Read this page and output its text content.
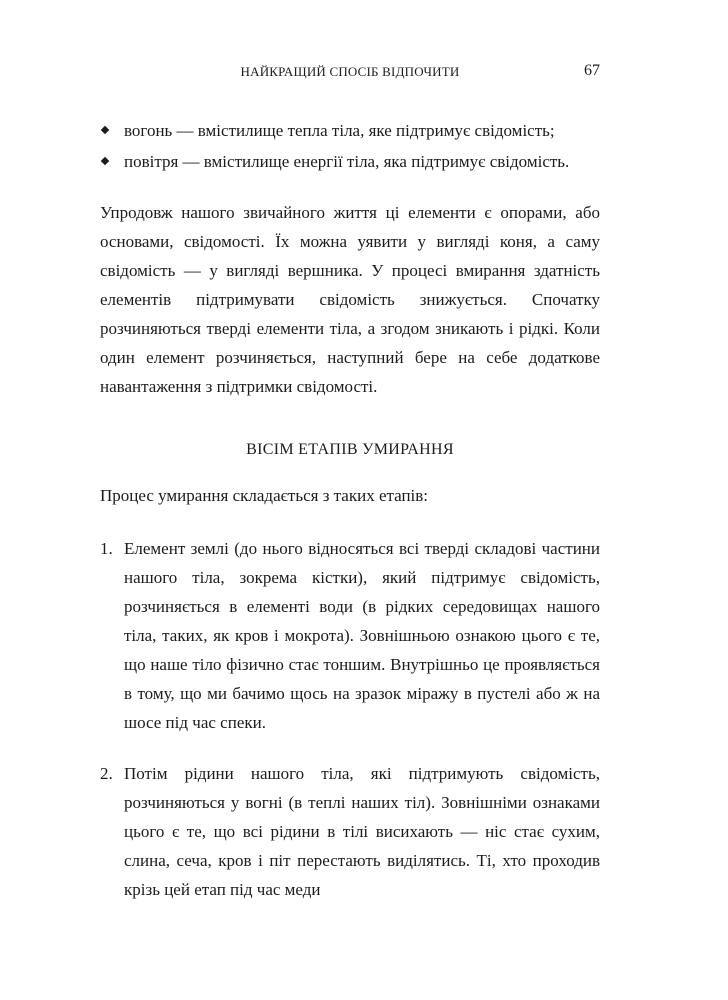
НАЙКРАЩИЙ СПОСІБ ВІДПОЧИТИ	67
вогонь — вмістилище тепла тіла, яке підтримує свідомість;
повітря — вмістилище енергії тіла, яка підтримує свідомість.
Упродовж нашого звичайного життя ці елементи є опорами, або основами, свідомості. Їх можна уявити у вигляді коня, а саму свідомість — у вигляді вершника. У процесі вмирання здатність елементів підтримувати свідомість знижується. Спочатку розчиняються тверді елементи тіла, а згодом зникають і рідкі. Коли один елемент розчиняється, наступний бере на себе додаткове навантаження з підтримки свідомості.
ВІСІМ ЕТАПІВ УМИРАННЯ
Процес умирання складається з таких етапів:
1. Елемент землі (до нього відносяться всі тверді складові частини нашого тіла, зокрема кістки), який підтримує свідомість, розчиняється в елементі води (в рідких середовищах нашого тіла, таких, як кров і мокрота). Зовнішньою ознакою цього є те, що наше тіло фізично стає тоншим. Внутрішньо це проявляється в тому, що ми бачимо щось на зразок міражу в пустелі або ж на шосе під час спеки.
2. Потім рідини нашого тіла, які підтримують свідомість, розчиняються у вогні (в теплі наших тіл). Зовнішніми ознаками цього є те, що всі рідини в тілі висихають — ніс стає сухим, слина, сеча, кров і піт перестають виділятись. Ті, хто проходив крізь цей етап під час меди
